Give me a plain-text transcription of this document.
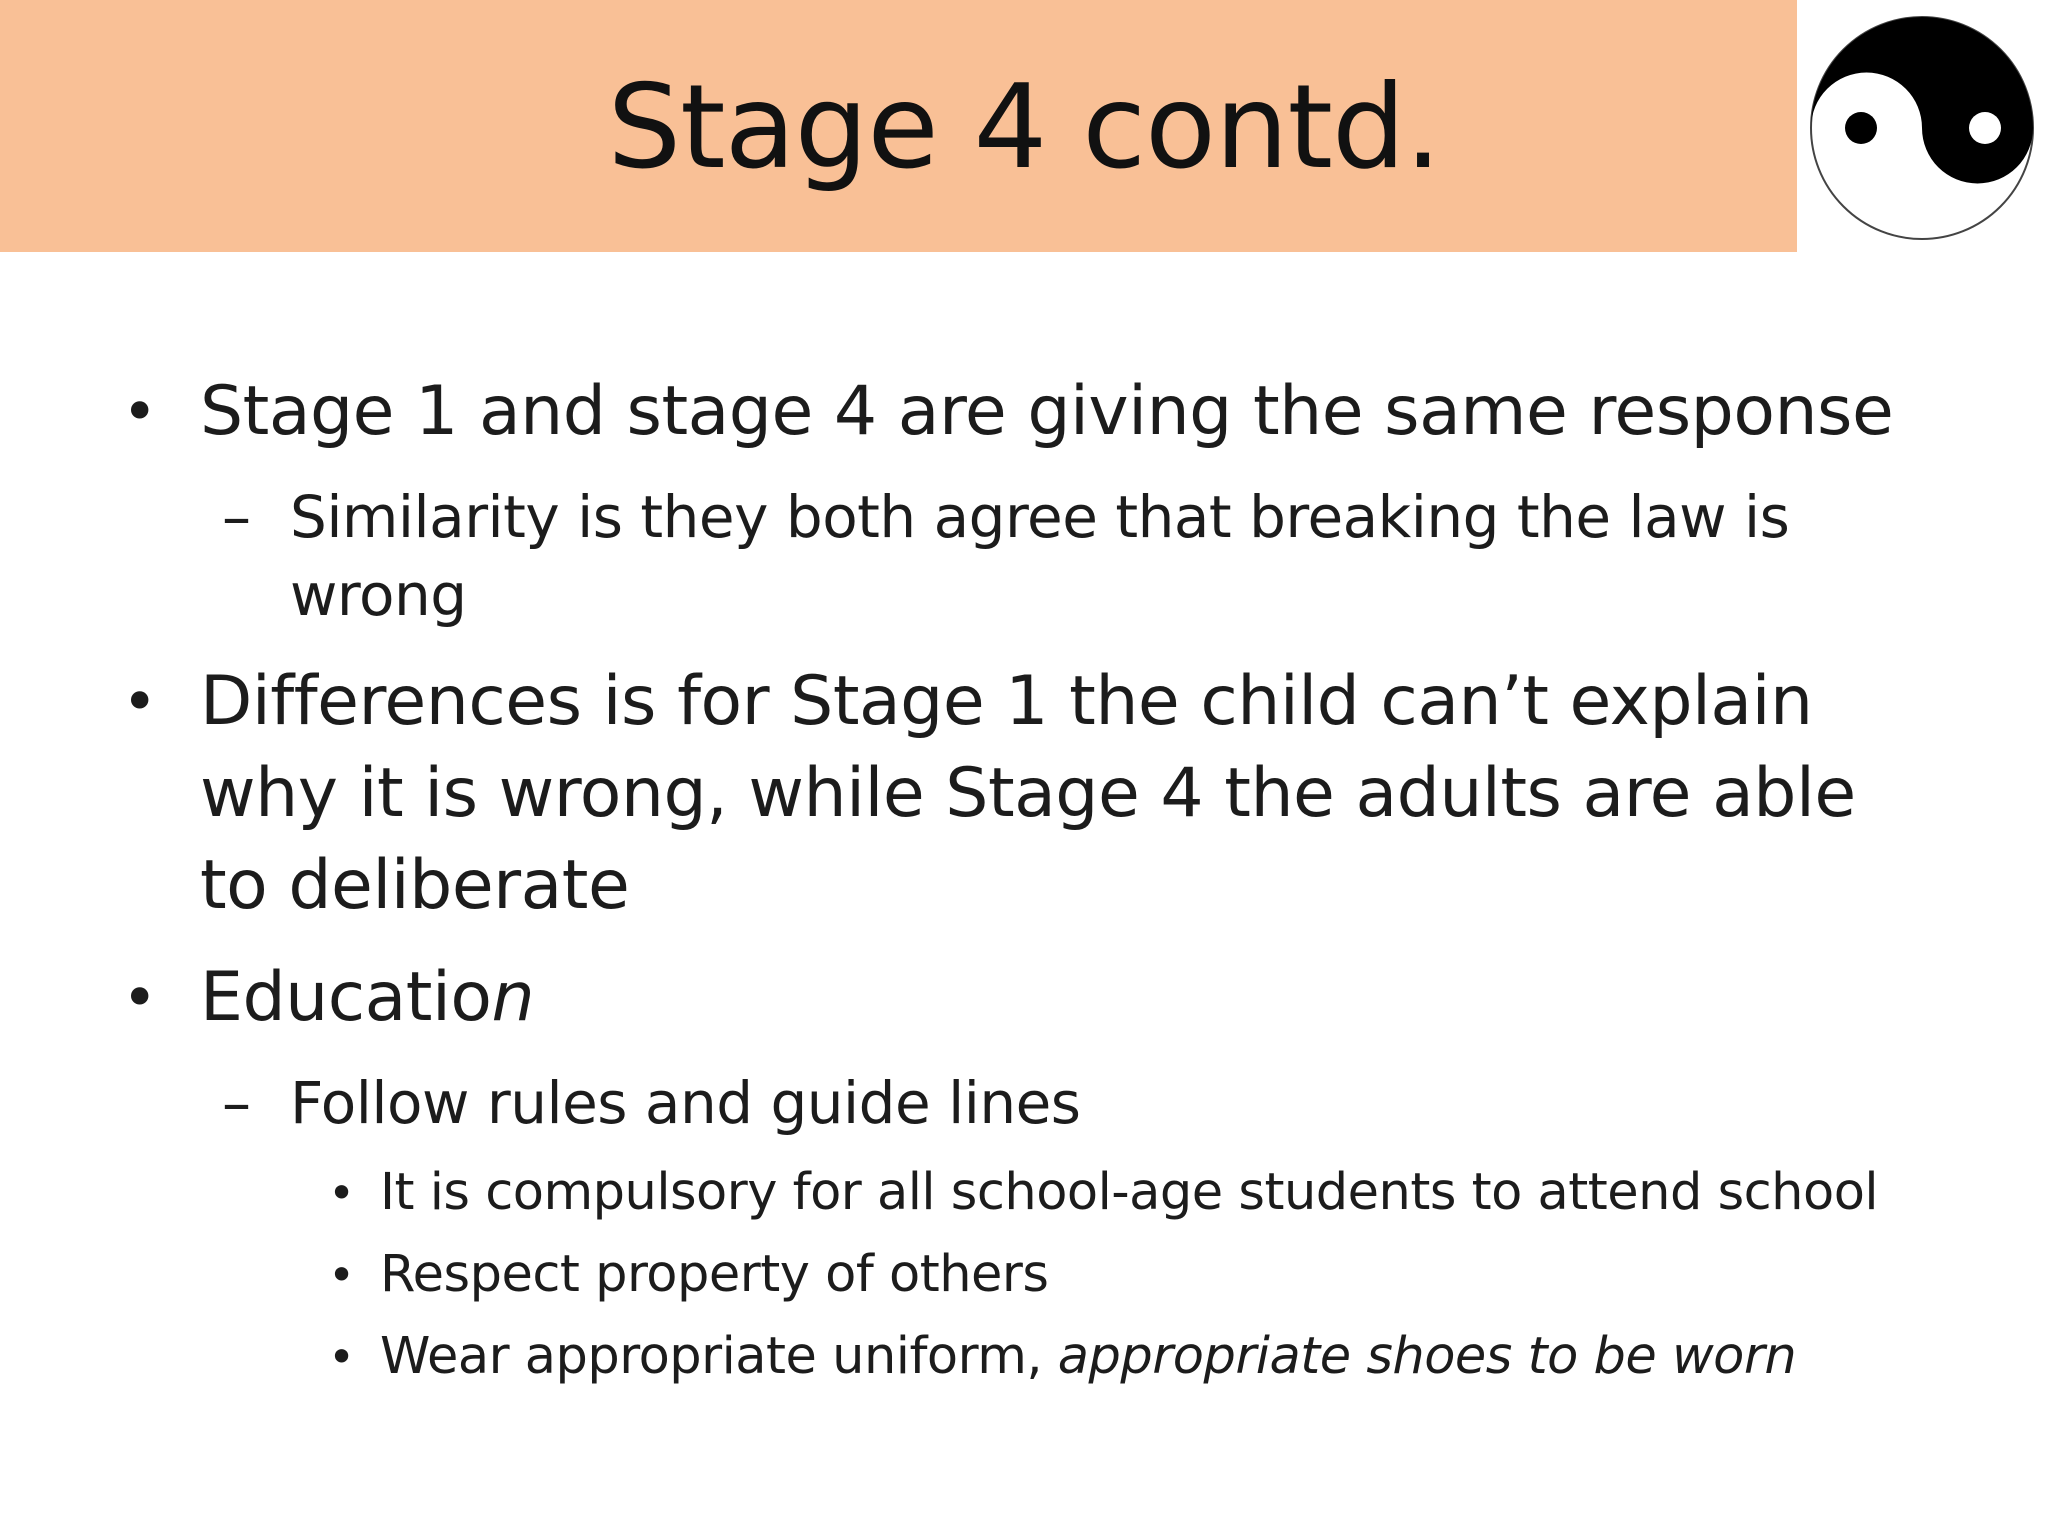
Stage 4 contd.
• Stage 1 and stage 4 are giving the same response

– Similarity is they both agree that breaking the law is

wrong

• Differences is for Stage 1 the child can’t explain

why it is wrong, while Stage 4 the adults are able

to deliberate

• Education

– Follow rules and guide lines

• It is compulsory for all school-age students to attend school

• Respect property of others

• Wear appropriate uniform, appropriate shoes to be worn
